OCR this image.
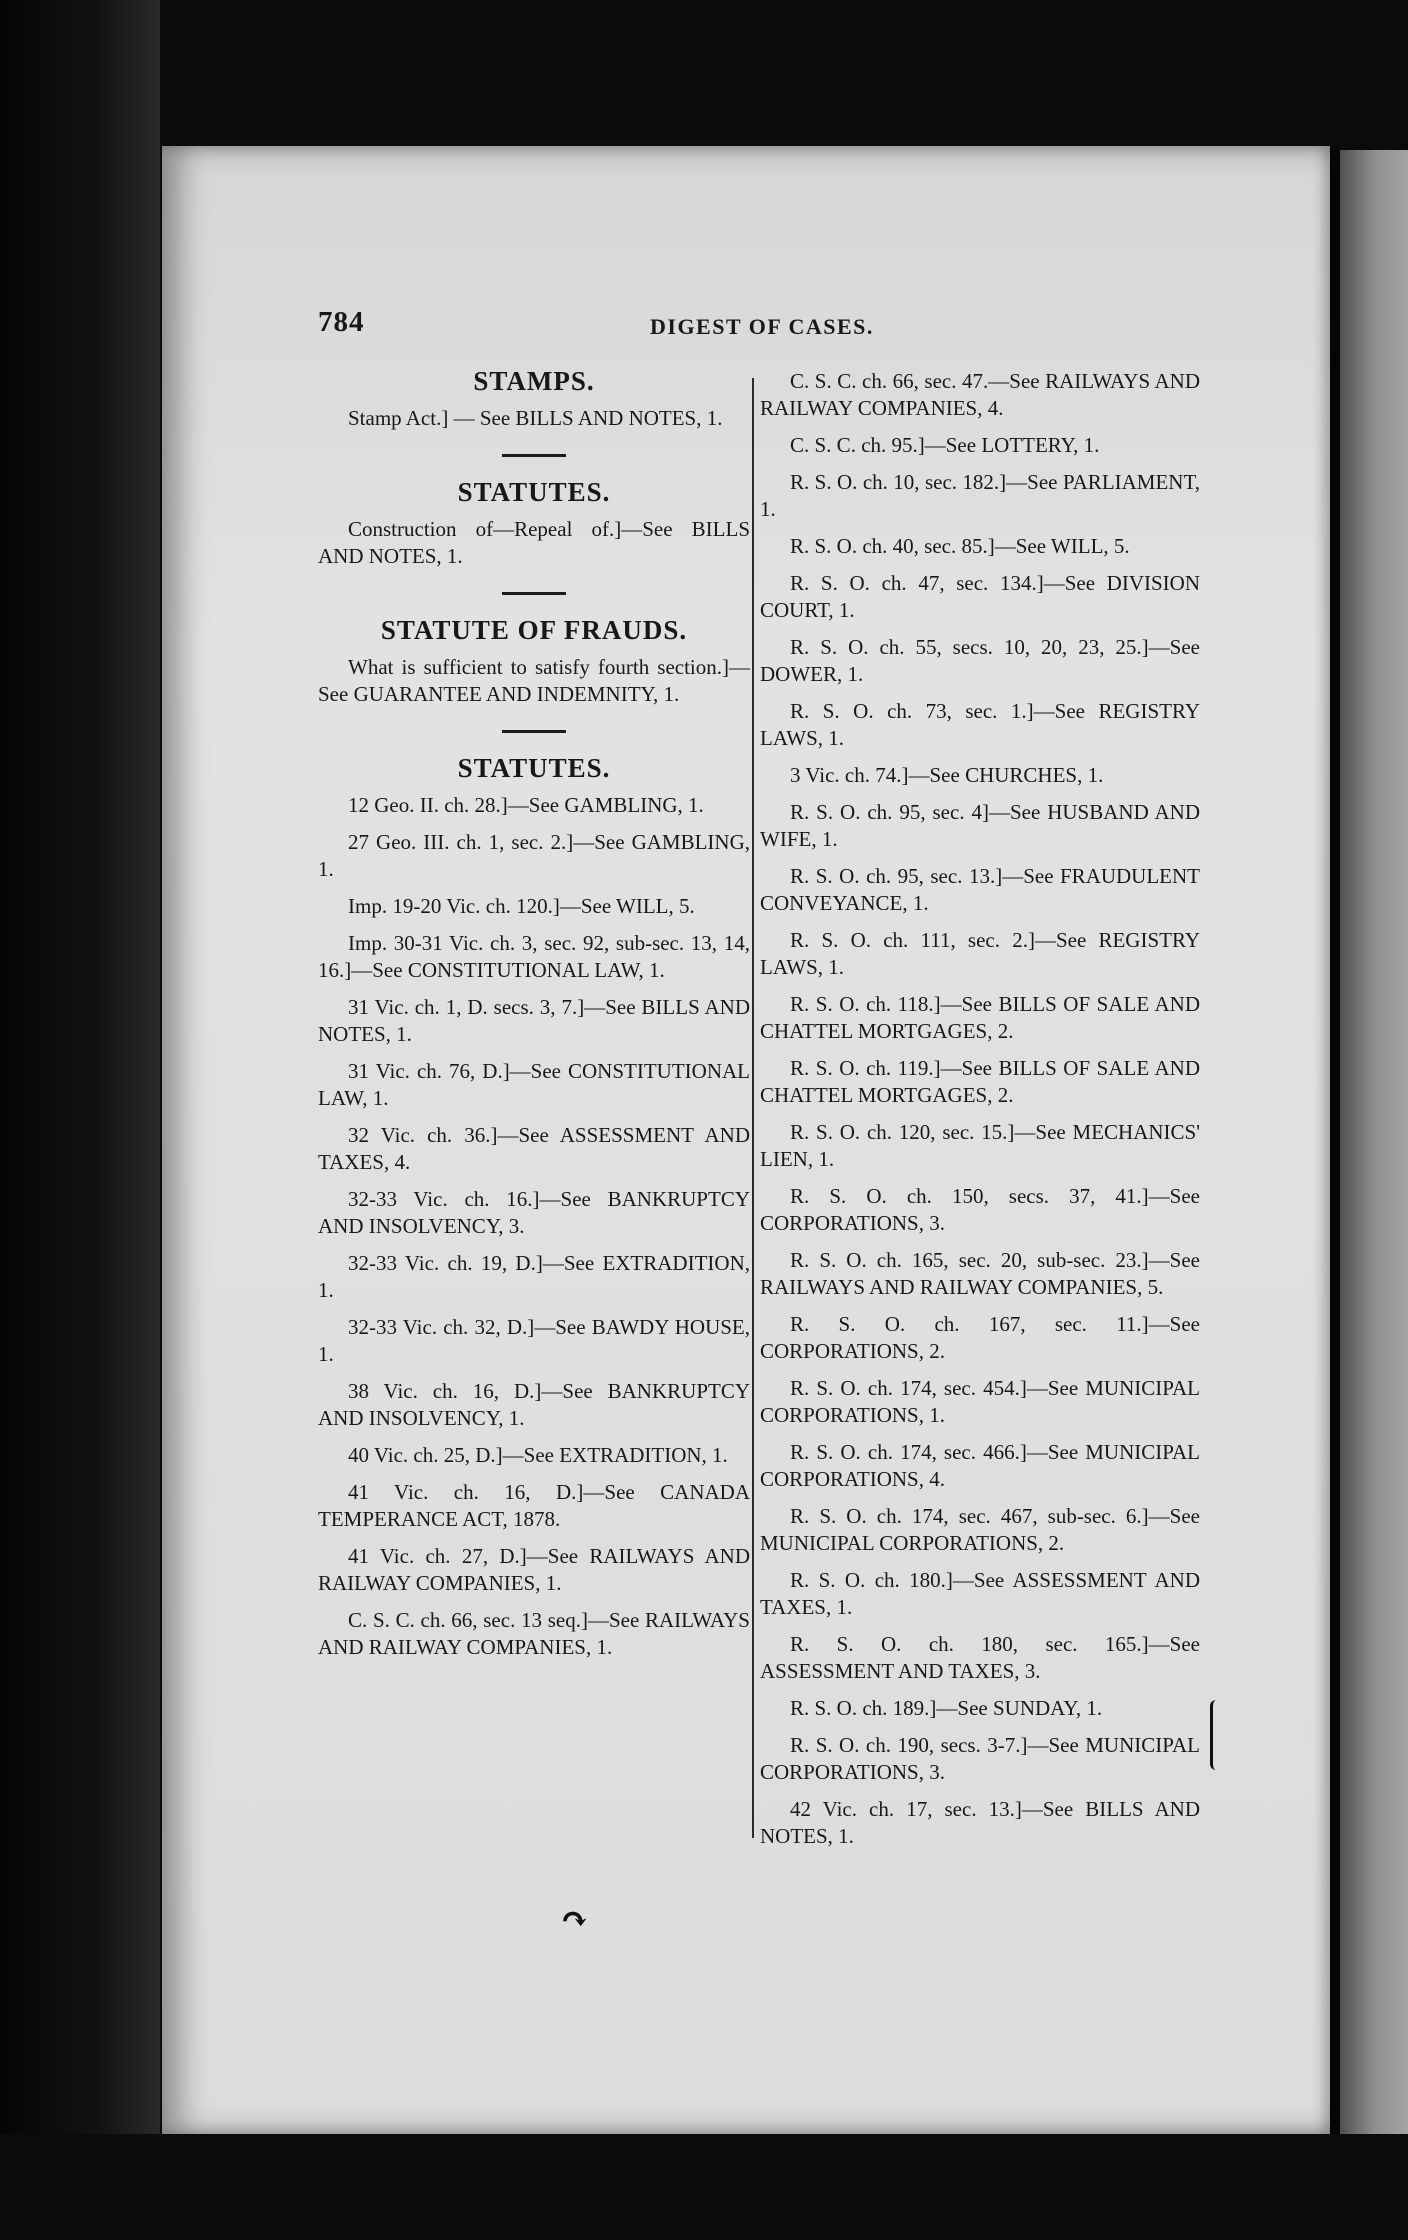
784	DIGEST OF CASES.
STAMPS.
Stamp Act.] — See BILLS AND NOTES, 1.
STATUTES.
Construction of—Repeal of.]—See BILLS AND NOTES, 1.
STATUTE OF FRAUDS.
What is sufficient to satisfy fourth section.]—See GUARANTEE AND INDEMNITY, 1.
STATUTES.
12 Geo. II. ch. 28.]—See GAMBLING, 1.
27 Geo. III. ch. 1, sec. 2.]—See GAMBLING, 1.
Imp. 19-20 Vic. ch. 120.]—See WILL, 5.
Imp. 30-31 Vic. ch. 3, sec. 92, sub-sec. 13, 14, 16.]—See CONSTITUTIONAL LAW, 1.
31 Vic. ch. 1, D. secs. 3, 7.]—See BILLS AND NOTES, 1.
31 Vic. ch. 76, D.]—See CONSTITUTIONAL LAW, 1.
32 Vic. ch. 36.]—See ASSESSMENT AND TAXES, 4.
32-33 Vic. ch. 16.]—See BANKRUPTCY AND INSOLVENCY, 3.
32-33 Vic. ch. 19, D.]—See EXTRADITION, 1.
32-33 Vic. ch. 32, D.]—See BAWDY HOUSE, 1.
38 Vic. ch. 16, D.]—See BANKRUPTCY AND INSOLVENCY, 1.
40 Vic. ch. 25, D.]—See EXTRADITION, 1.
41 Vic. ch. 16, D.]—See CANADA TEMPERANCE ACT, 1878.
41 Vic. ch. 27, D.]—See RAILWAYS AND RAILWAY COMPANIES, 1.
C. S. C. ch. 66, sec. 13 seq.]—See RAILWAYS AND RAILWAY COMPANIES, 1.
C. S. C. ch. 66, sec. 47.—See RAILWAYS AND RAILWAY COMPANIES, 4.
C. S. C. ch. 95.]—See LOTTERY, 1.
R. S. O. ch. 10, sec. 182.]—See PARLIAMENT, 1.
R. S. O. ch. 40, sec. 85.]—See WILL, 5.
R. S. O. ch. 47, sec. 134.]—See DIVISION COURT, 1.
R. S. O. ch. 55, secs. 10, 20, 23, 25.]—See DOWER, 1.
R. S. O. ch. 73, sec. 1.]—See REGISTRY LAWS, 1.
3 Vic. ch. 74.]—See CHURCHES, 1.
R. S. O. ch. 95, sec. 4]—See HUSBAND AND WIFE, 1.
R. S. O. ch. 95, sec. 13.]—See FRAUDULENT CONVEYANCE, 1.
R. S. O. ch. 111, sec. 2.]—See REGISTRY LAWS, 1.
R. S. O. ch. 118.]—See BILLS OF SALE AND CHATTEL MORTGAGES, 2.
R. S. O. ch. 119.]—See BILLS OF SALE AND CHATTEL MORTGAGES, 2.
R. S. O. ch. 120, sec. 15.]—See MECHANICS' LIEN, 1.
R. S. O. ch. 150, secs. 37, 41.]—See CORPORATIONS, 3.
R. S. O. ch. 165, sec. 20, sub-sec. 23.]—See RAILWAYS AND RAILWAY COMPANIES, 5.
R. S. O. ch. 167, sec. 11.]—See CORPORATIONS, 2.
R. S. O. ch. 174, sec. 454.]—See MUNICIPAL CORPORATIONS, 1.
R. S. O. ch. 174, sec. 466.]—See MUNICIPAL CORPORATIONS, 4.
R. S. O. ch. 174, sec. 467, sub-sec. 6.]—See MUNICIPAL CORPORATIONS, 2.
R. S. O. ch. 180.]—See ASSESSMENT AND TAXES, 1.
R. S. O. ch. 180, sec. 165.]—See ASSESSMENT AND TAXES, 3.
R. S. O. ch. 189.]—See SUNDAY, 1.
R. S. O. ch. 190, secs. 3-7.]—See MUNICIPAL CORPORATIONS, 3.
42 Vic. ch. 17, sec. 13.]—See BILLS AND NOTES, 1.
↷
